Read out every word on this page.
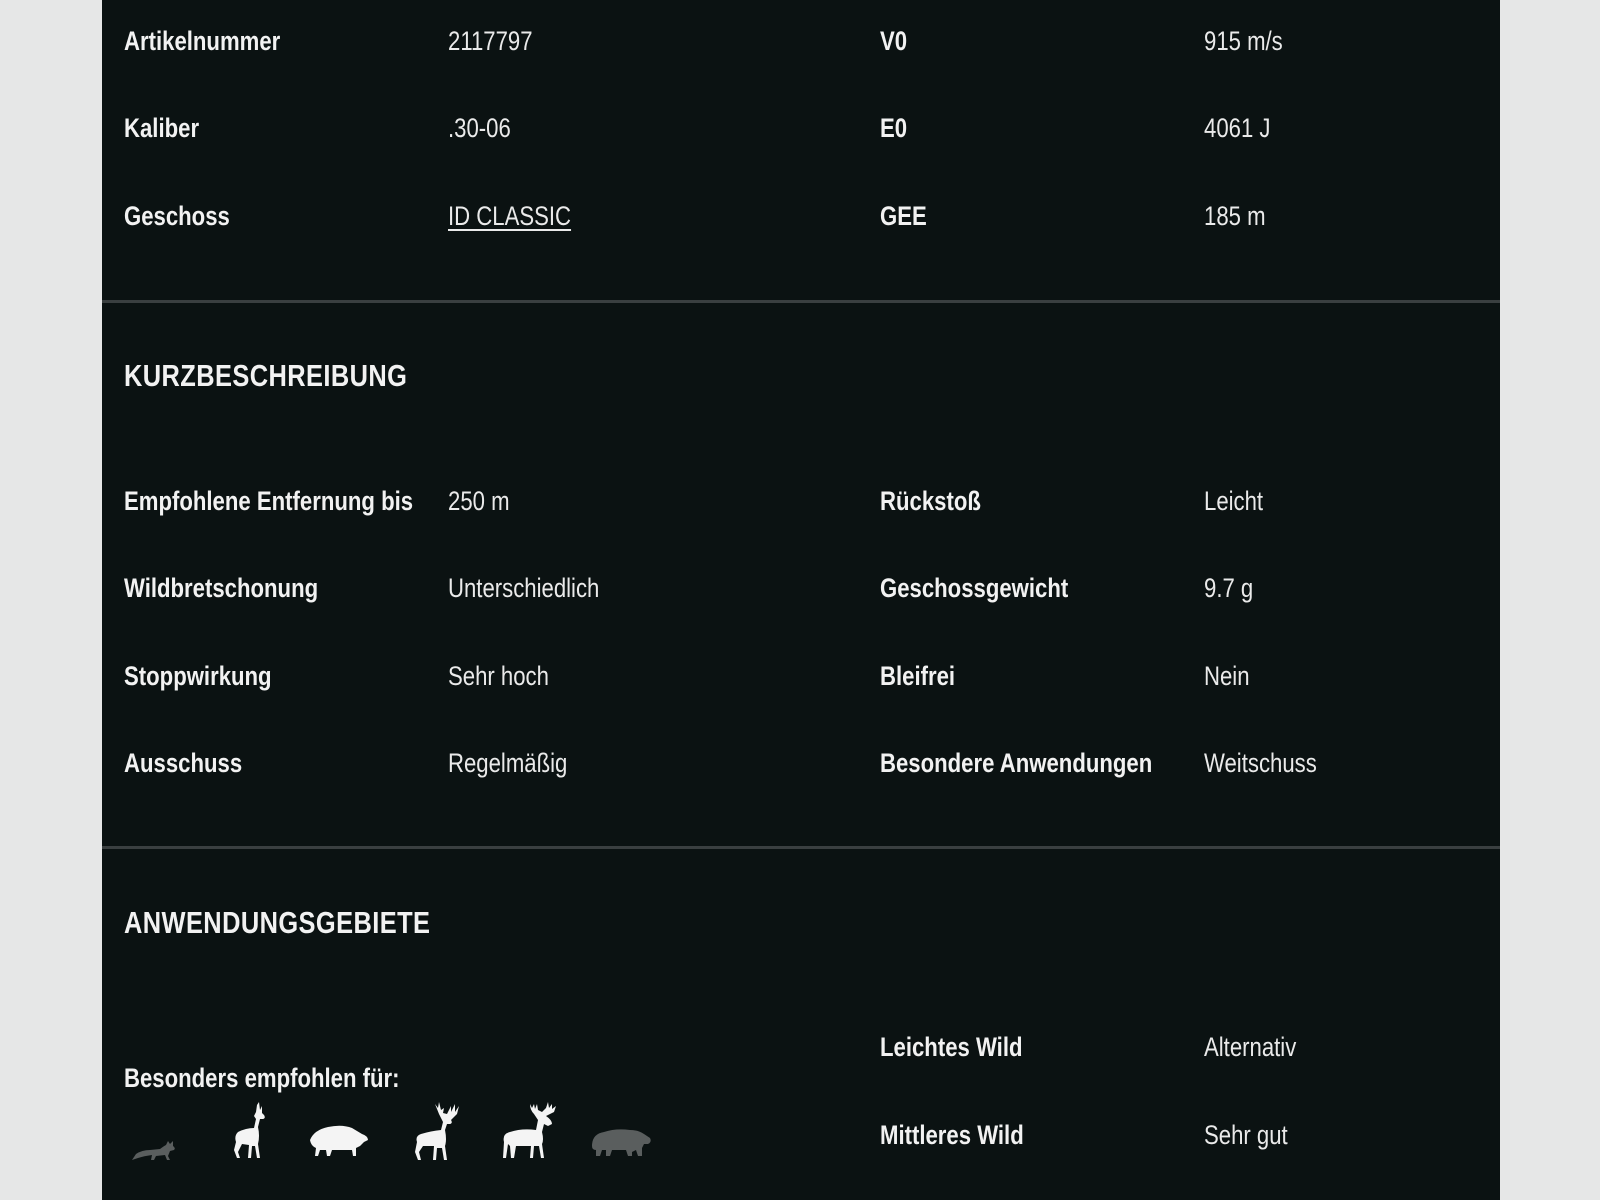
Artikelnummer	2117797
Kaliber	.30-06
Geschoss	ID CLASSIC
V0	915 m/s
E0	4061 J
GEE	185 m
KURZBESCHREIBUNG
Empfohlene Entfernung bis 250 m
Wildbretschonung	Unterschiedlich
Stoppwirkung	Sehr hoch
Ausschuss	Regelmäßig
Rückstoß	Leicht
Geschossgewicht	9.7 g
Bleifrei	Nein
Besondere Anwendungen Weitschuss
ANWENDUNGSGEBIETE
Besonders empfohlen für:
Leichtes Wild	Alternativ
Mittleres Wild	Sehr gut
